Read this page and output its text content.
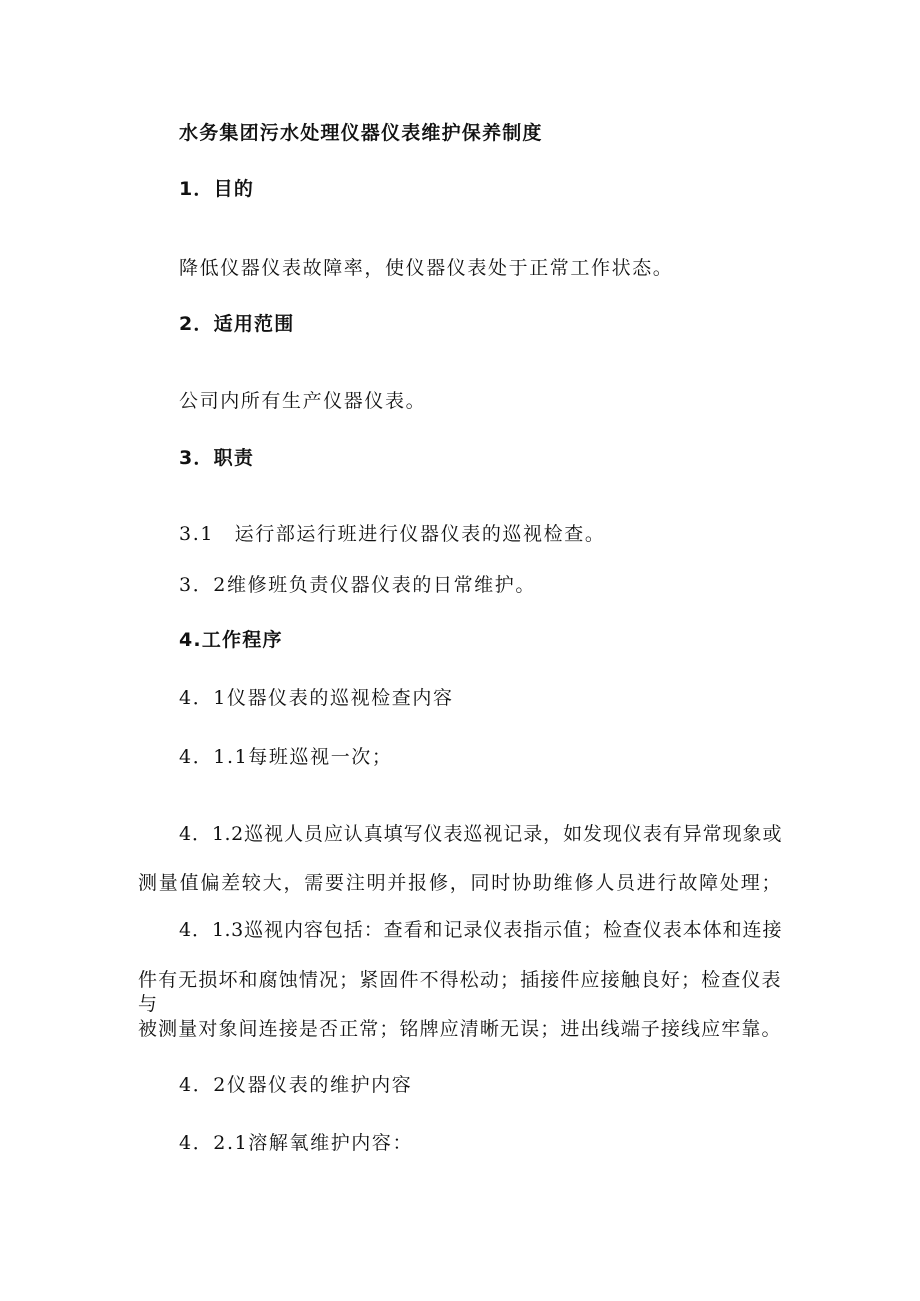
水务集团污水处理仪器仪表维护保养制度
1．目的
降低仪器仪表故障率，使仪器仪表处于正常工作状态。
2．适用范围
公司内所有生产仪器仪表。
3．职责
3.1　运行部运行班进行仪器仪表的巡视检查。
3．2维修班负责仪器仪表的日常维护。
4.工作程序
4．1仪器仪表的巡视检查内容
4．1.1每班巡视一次；
4．1.2巡视人员应认真填写仪表巡视记录，如发现仪表有异常现象或
测量值偏差较大，需要注明并报修，同时协助维修人员进行故障处理；
4．1.3巡视内容包括：查看和记录仪表指示值；检查仪表本体和连接
件有无损坏和腐蚀情况；紧固件不得松动；插接件应接触良好；检查仪表与
被测量对象间连接是否正常；铭牌应清晰无误；进出线端子接线应牢靠。
4．2仪器仪表的维护内容
4．2.1溶解氧维护内容：
